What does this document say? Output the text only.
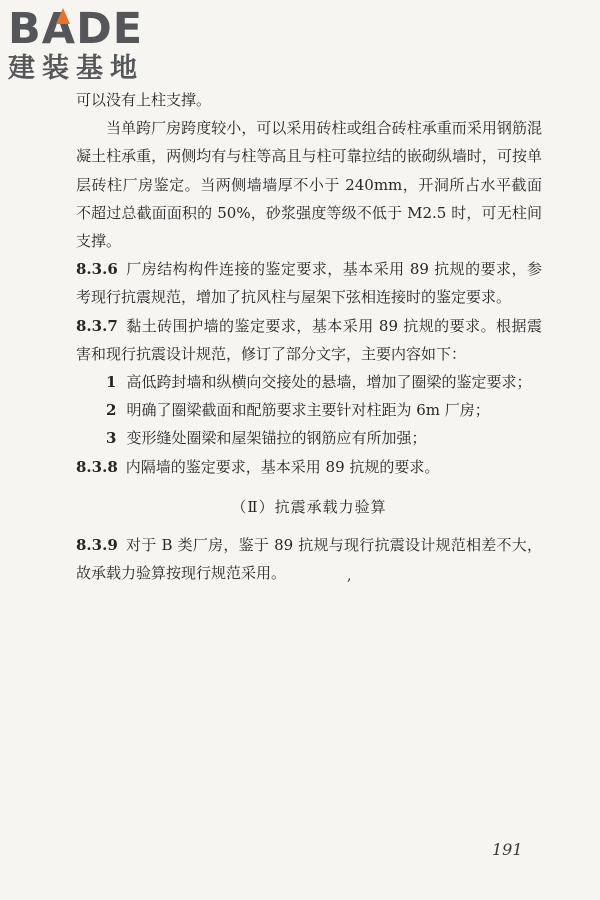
BADE
建装基地

可以没有上柱支撑。

当单跨厂房跨度较小，可以采用砖柱或组合砖柱承重而采用钢筋混凝土柱承重，两侧均有与柱等高且与柱可靠拉结的嵌砌纵墙时，可按单层砖柱厂房鉴定。当两侧墙墙厚不小于 240mm，开洞所占水平截面不超过总截面面积的 50%，砂浆强度等级不低于 M2.5 时，可无柱间支撑。

8.3.6 厂房结构构件连接的鉴定要求，基本采用 89 抗规的要求，参考现行抗震规范，增加了抗风柱与屋架下弦相连接时的鉴定要求。

8.3.7 黏土砖围护墙的鉴定要求，基本采用 89 抗规的要求。根据震害和现行抗震设计规范，修订了部分文字，主要内容如下：

1 高低跨封墙和纵横向交接处的悬墙，增加了圈梁的鉴定要求；

2 明确了圈梁截面和配筋要求主要针对柱距为 6m 厂房；

3 变形缝处圈梁和屋架锚拉的钢筋应有所加强；

8.3.8 内隔墙的鉴定要求，基本采用 89 抗规的要求。

（Ⅱ）抗震承载力验算

8.3.9 对于 B 类厂房，鉴于 89 抗规与现行抗震设计规范相差不大，故承载力验算按现行规范采用。	,
191
